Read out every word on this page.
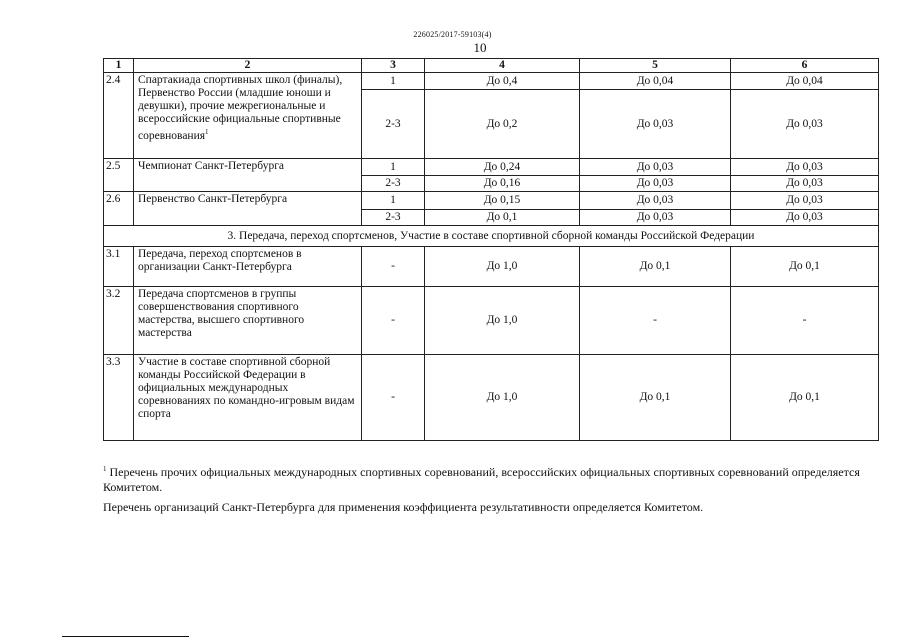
226025/2017-59103(4)
10
1	2	3	4	5	6
2.4	Спартакиада спортивных школ (финалы), Первенство России (младшие юноши и девушки), прочие межрегиональные и всероссийские официальные спортивные соревнования$^1$	1	До 0,4	До 0,04	До 0,04
		2-3	До 0,2	До 0,03	До 0,03
2.5	Чемпионат Санкт-Петербурга	1	До 0,24	До 0,03	До 0,03
		2-3	До 0,16	До 0,03	До 0,03
2.6	Первенство Санкт-Петербурга	1	До 0,15	До 0,03	До 0,03
		2-3	До 0,1	До 0,03	До 0,03
3. Передача, переход спортсменов, Участие в составе спортивной сборной команды Российской Федерации					
3.1	Передача, переход спортсменов в организации Санкт-Петербурга	-	До 1,0	До 0,1	До 0,1
3.2	Передача спортсменов в группы совершенствования спортивного мастерства, высшего спортивного мастерства	-	До 1,0	-	-
3.3	Участие в составе спортивной сборной команды Российской Федерации в официальных международных соревнованиях по командно-игровым видам спорта	-	До 1,0	До 0,1	До 0,1
$^1$ Перечень прочих официальных международных спортивных соревнований, всероссийских официальных спортивных соревнований определяется Комитетом.
Перечень организаций Санкт-Петербурга для применения коэффициента результативности определяется Комитетом.
